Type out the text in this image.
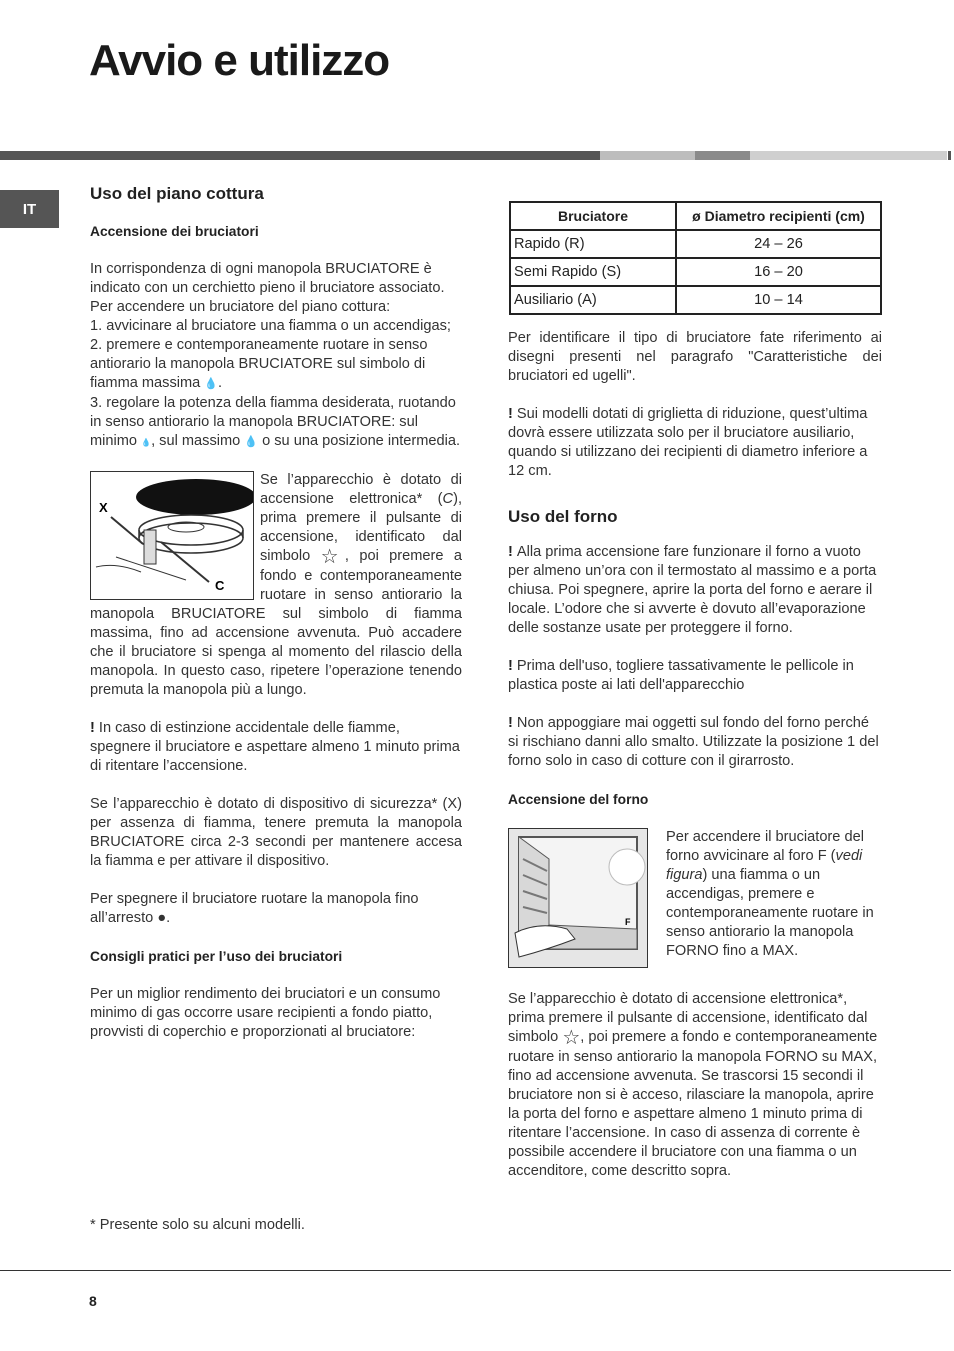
Avvio e utilizzo
IT
Uso del piano cottura
Accensione dei bruciatori

In corrispondenza di ogni manopola BRUCIATORE è indicato con un cerchietto pieno il bruciatore associato.

Per accendere un bruciatore del piano cottura:

1. avvicinare al bruciatore una fiamma o un accendigas;

2. premere e contemporaneamente ruotare in senso antiorario la manopola BRUCIATORE sul simbolo di fiamma massima 💧.

3. regolare la potenza della fiamma desiderata, ruotando in senso antiorario la manopola BRUCIATORE: sul minimo 💧, sul massimo 💧 o su una posizione intermedia.

X
C
Se l’apparecchio è dotato di accensione elettronica* (C), prima premere il pulsante di accensione, identificato dal simbolo ☆, poi premere a fondo e contemporaneamente ruotare in senso antiorario la manopola BRUCIATORE sul simbolo di fiamma massima, fino ad accensione avvenuta. Può accadere che il bruciatore si spenga al momento del rilascio della manopola. In questo caso, ripetere l’operazione tenendo premuta la manopola più a lungo.

! In caso di estinzione accidentale delle fiamme, spegnere il bruciatore e aspettare almeno 1 minuto prima di ritentare l’accensione.

Se l’apparecchio è dotato di dispositivo di sicurezza* (X) per assenza di fiamma, tenere premuta la manopola BRUCIATORE circa 2-3 secondi per mantenere accesa la fiamma e per attivare il dispositivo.

Per spegnere il bruciatore ruotare la manopola fino all’arresto ●.

Consigli pratici per l’uso dei bruciatori

Per un miglior rendimento dei bruciatori e un consumo minimo di gas occorre usare recipienti a fondo piatto, provvisti di coperchio e proporzionati al bruciatore:

Bruciatore	ø Diametro recipienti (cm)
Rapido (R)	24 – 26
Semi Rapido (S)	16 – 20
Ausiliario (A)	10 – 14

Per identificare il tipo di bruciatore fate riferimento ai disegni presenti nel paragrafo "Caratteristiche dei bruciatori ed ugelli".

! Sui modelli dotati di griglietta di riduzione, quest’ultima dovrà essere utilizzata solo per il bruciatore ausiliario, quando si utilizzano dei recipienti di diametro inferiore a 12 cm.

Uso del forno

! Alla prima accensione fare funzionare il forno a vuoto per almeno un’ora con il termostato al massimo e a porta chiusa. Poi spegnere, aprire la porta del forno e aerare il locale. L’odore che si avverte è dovuto all’evaporazione delle sostanze usate per proteggere il forno.

! Prima dell'uso, togliere tassativamente le pellicole in plastica poste ai lati dell'apparecchio

! Non appoggiare mai oggetti sul fondo del forno perché si rischiano danni allo smalto. Utilizzate la posizione 1 del forno solo in caso di cotture con il girarrosto.

Accensione del forno
F
Per accendere il bruciatore del forno avvicinare al foro F (vedi figura) una fiamma o un accendigas, premere e contemporaneamente ruotare in senso antiorario la manopola FORNO fino a MAX.

Se l’apparecchio è dotato di accensione elettronica*, prima premere il pulsante di accensione, identificato dal simbolo ☆, poi premere a fondo e contemporaneamente ruotare in senso antiorario la manopola FORNO su MAX, fino ad accensione avvenuta. Se trascorsi 15 secondi il bruciatore non si è acceso, rilasciare la manopola, aprire la porta del forno e aspettare almeno 1 minuto prima di ritentare l’accensione. In caso di assenza di corrente è possibile accendere il bruciatore con una fiamma o un accenditore, come descritto sopra.

* Presente solo su alcuni modelli.
8
